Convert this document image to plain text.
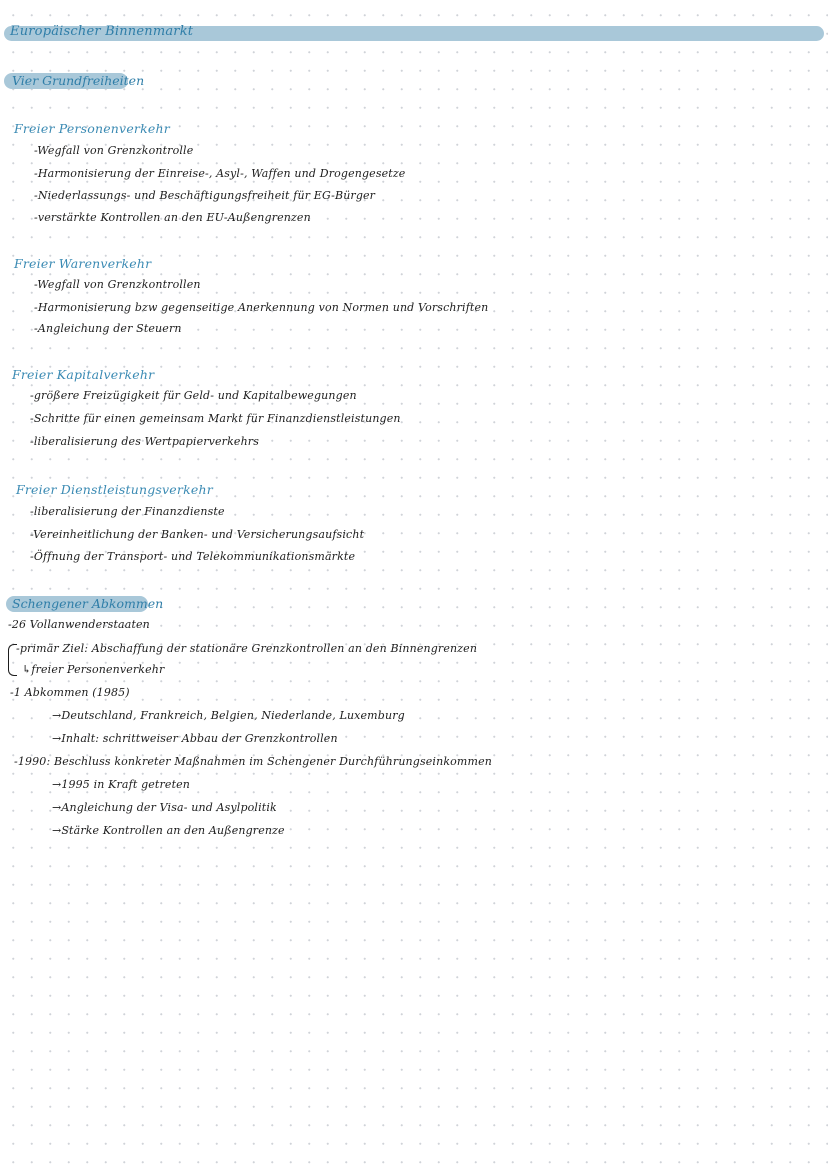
Europäischer Binnenmarkt
Vier Grundfreiheiten
Freier Personenverkehr
-Wegfall von Grenzkontrolle
-Harmonisierung der Einreise-, Asyl-, Waffen und Drogengesetze
-Niederlassungs- und Beschäftigungsfreiheit für EG-Bürger
-verstärkte Kontrollen an den EU-Außengrenzen
Freier Warenverkehr
-Wegfall von Grenzkontrollen
-Harmonisierung bzw gegenseitige Anerkennung von Normen und Vorschriften
-Angleichung der Steuern
Freier Kapitalverkehr
-größere Freizügigkeit für Geld- und Kapitalbewegungen
-Schritte für einen gemeinsam Markt für Finanzdienstleistungen
-liberalisierung des Wertpapierverkehrs
Freier Dienstleistungsverkehr
-liberalisierung der Finanzdienste
-Vereinheitlichung der Banken- und Versicherungsaufsicht
-Öffnung der Transport- und Telekommunikationsmärkte
Schengener Abkommen
-26 Vollanwenderstaaten
-primär Ziel: Abschaffung der stationäre Grenzkontrollen an den Binnengrenzen
↳freier Personenverkehr
-1 Abkommen (1985)
→Deutschland, Frankreich, Belgien, Niederlande, Luxemburg
→Inhalt: schrittweiser Abbau der Grenzkontrollen
-1990: Beschluss konkreter Maßnahmen im Schengener Durchführungseinkommen
→1995 in Kraft getreten
→Angleichung der Visa- und Asylpolitik
→Stärke Kontrollen an den Außengrenze
